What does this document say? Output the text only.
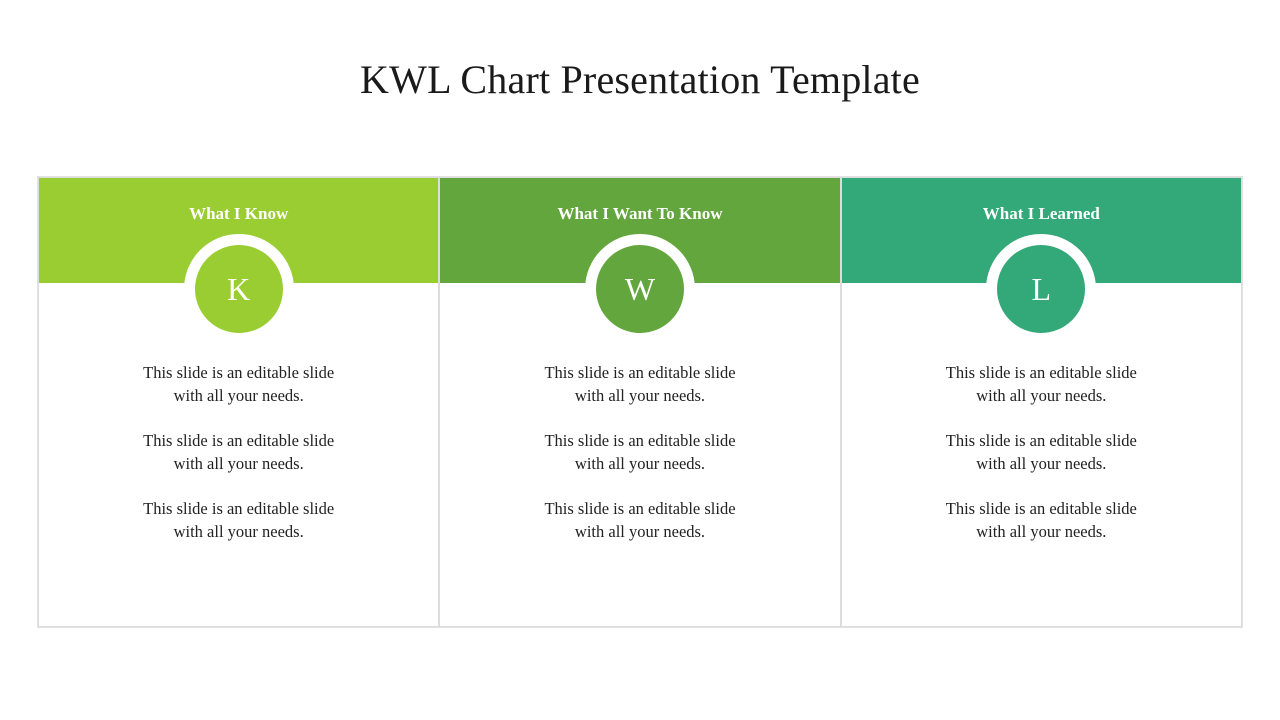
KWL Chart Presentation Template
What I Know
K
This slide is an editable slide
with all your needs.
This slide is an editable slide
with all your needs.
This slide is an editable slide
with all your needs.
What I Want To Know
W
This slide is an editable slide
with all your needs.
This slide is an editable slide
with all your needs.
This slide is an editable slide
with all your needs.
What I Learned
L
This slide is an editable slide
with all your needs.
This slide is an editable slide
with all your needs.
This slide is an editable slide
with all your needs.
